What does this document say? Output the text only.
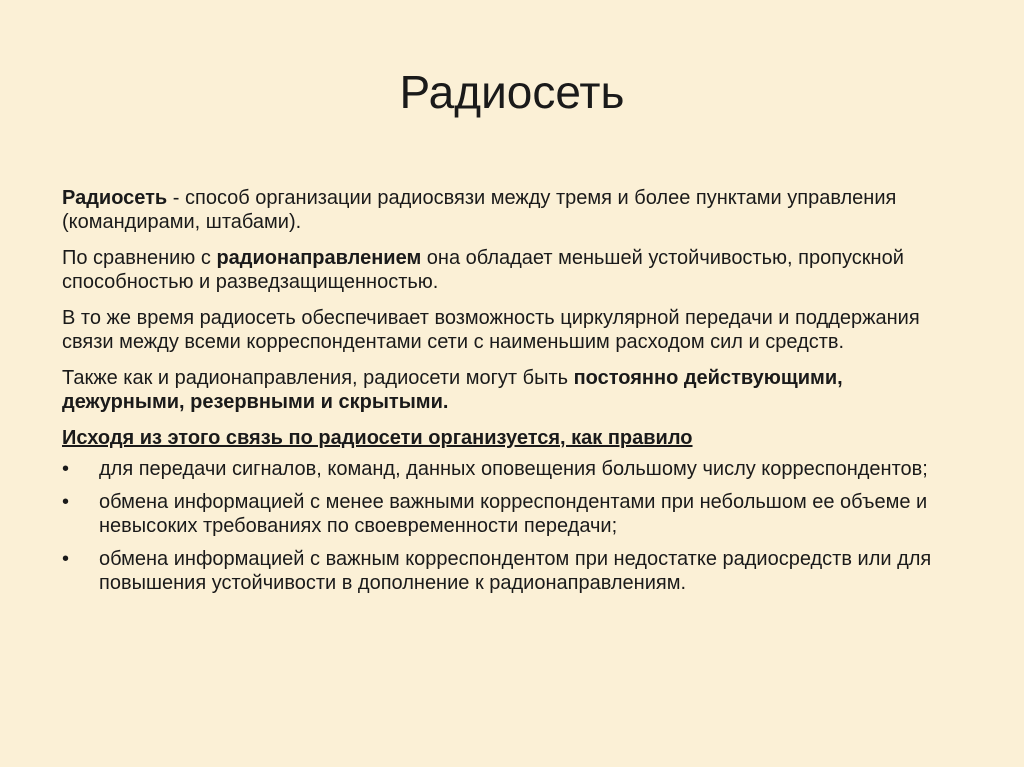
Радиосеть

Радиосеть - способ организации радиосвязи между тремя и более пунктами управления (командирами, штабами).

По сравнению с радионаправлением она обладает меньшей устойчивостью, пропускной способностью и разведзащищенностью.

В то же время радиосеть обеспечивает возможность циркулярной передачи и поддержания связи между всеми корреспондентами сети с наименьшим расходом сил и средств.

Также как и радионаправления, радиосети могут быть постоянно действующими, дежурными, резервными и скрытыми.

Исходя из этого связь по радиосети организуется, как правило
•	для передачи сигналов, команд, данных оповещения большому числу корреспондентов;
•	обмена информацией с менее важными корреспондентами при небольшом ее объеме и невысоких требованиях по своевременности передачи;
•	обмена информацией с важным корреспондентом при недостатке радиосредств или для повышения устойчивости в дополнение к радионаправлениям.
